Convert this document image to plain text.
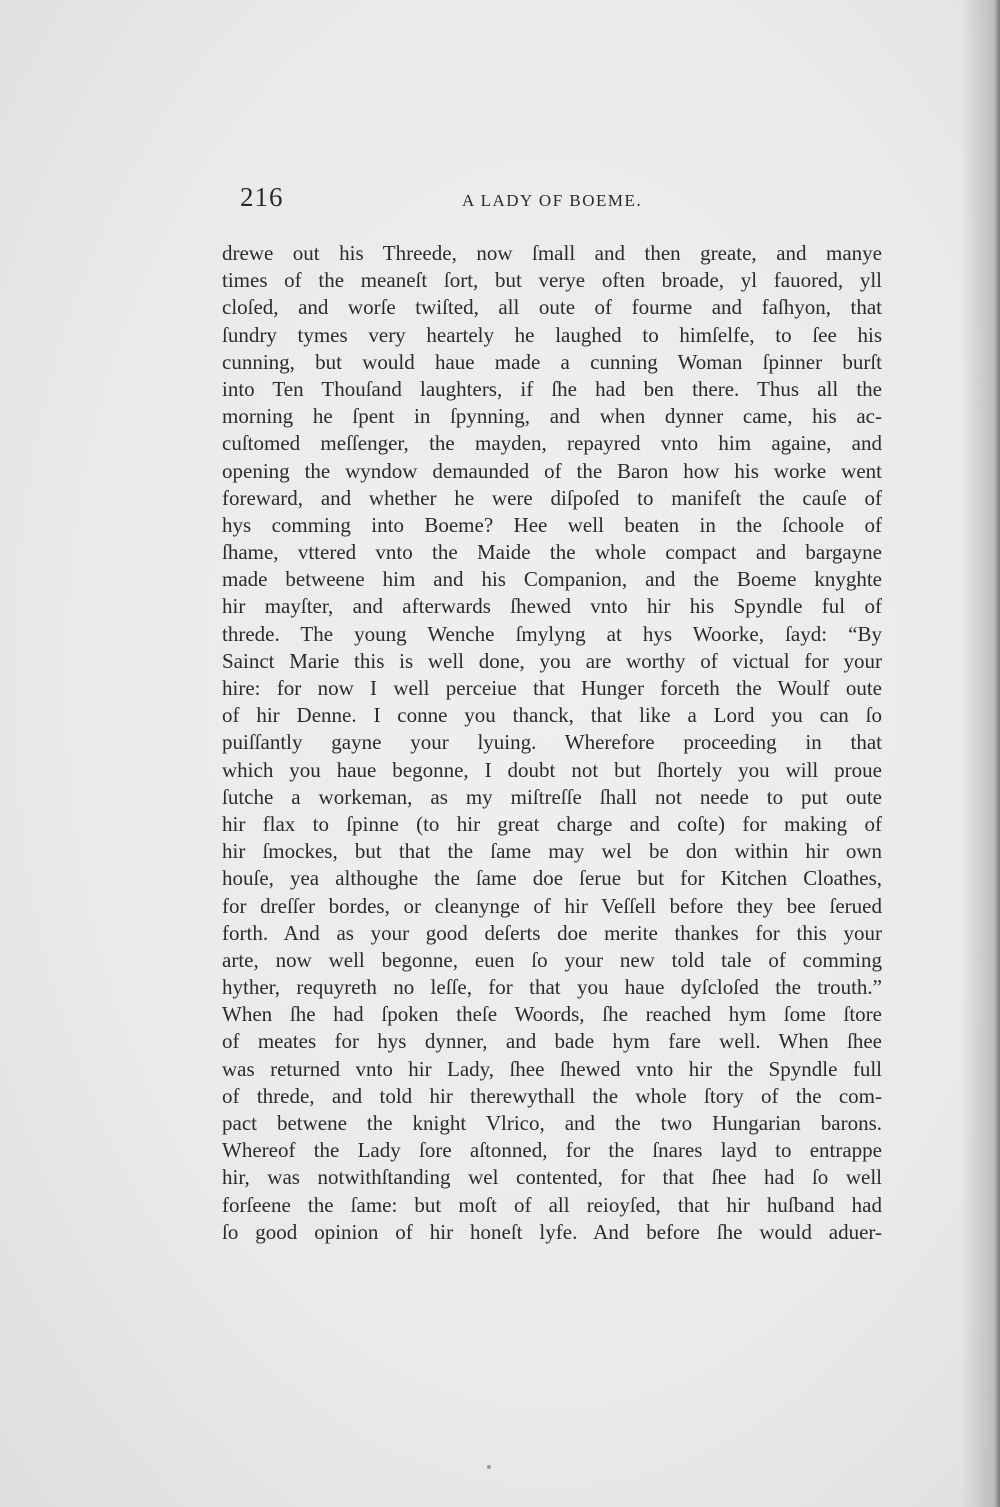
216	A LADY OF BOEME.
drewe out his Threede, now ſmall and then greate, and manye
times of the meaneſt ſort, but verye often broade, yl fauored, yll
cloſed, and worſe twiſted, all oute of fourme and faſhyon, that
ſundry tymes very heartely he laughed to himſelfe, to ſee his
cunning, but would haue made a cunning Woman ſpinner burſt
into Ten Thouſand laughters, if ſhe had ben there. Thus all the
morning he ſpent in ſpynning, and when dynner came, his ac-
cuſtomed meſſenger, the mayden, repayred vnto him againe, and
opening the wyndow demaunded of the Baron how his worke went
foreward, and whether he were diſpoſed to manifeſt the cauſe of
hys comming into Boeme? Hee well beaten in the ſchoole of
ſhame, vttered vnto the Maide the whole compact and bargayne
made betweene him and his Companion, and the Boeme knyghte
hir mayſter, and afterwards ſhewed vnto hir his Spyndle ful of
threde. The young Wenche ſmylyng at hys Woorke, ſayd: “By
Sainct Marie this is well done, you are worthy of victual for your
hire: for now I well perceiue that Hunger forceth the Woulf oute
of hir Denne. I conne you thanck, that like a Lord you can ſo
puiſſantly gayne your lyuing. Wherefore proceeding in that
which you haue begonne, I doubt not but ſhortely you will proue
ſutche a workeman, as my miſtreſſe ſhall not neede to put oute
hir flax to ſpinne (to hir great charge and coſte) for making of
hir ſmockes, but that the ſame may wel be don within hir own
houſe, yea althoughe the ſame doe ſerue but for Kitchen Cloathes,
for dreſſer bordes, or cleanynge of hir Veſſell before they bee ſerued
forth. And as your good deſerts doe merite thankes for this your
arte, now well begonne, euen ſo your new told tale of comming
hyther, requyreth no leſſe, for that you haue dyſcloſed the trouth.”
When ſhe had ſpoken theſe Woords, ſhe reached hym ſome ſtore
of meates for hys dynner, and bade hym fare well. When ſhee
was returned vnto hir Lady, ſhee ſhewed vnto hir the Spyndle full
of threde, and told hir therewythall the whole ſtory of the com-
pact betwene the knight Vlrico, and the two Hungarian barons.
Whereof the Lady ſore aſtonned, for the ſnares layd to entrappe
hir, was notwithſtanding wel contented, for that ſhee had ſo well
forſeene the ſame: but moſt of all reioyſed, that hir huſband had
ſo good opinion of hir honeſt lyfe. And before ſhe would aduer-
